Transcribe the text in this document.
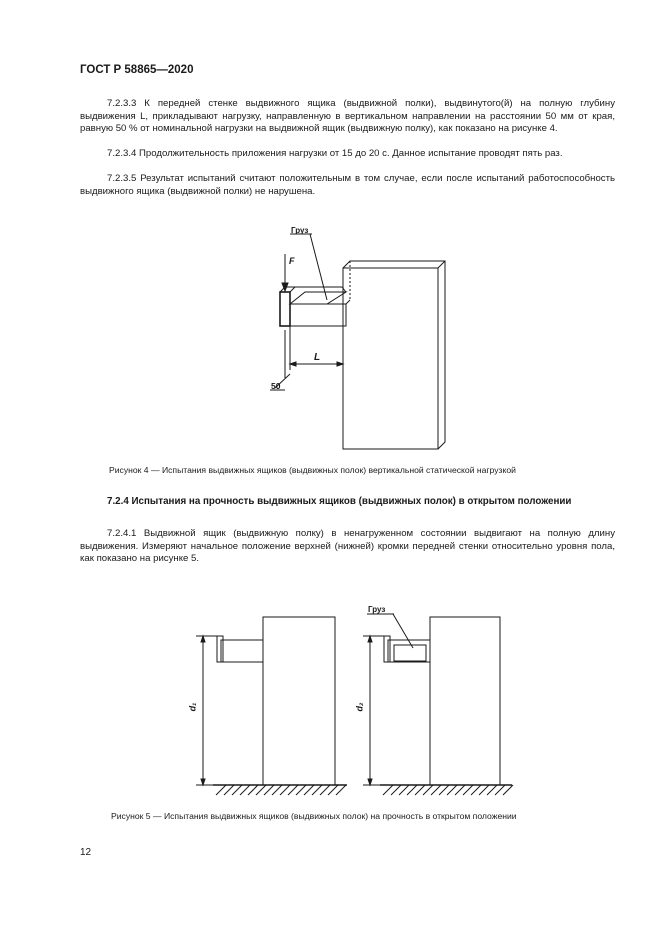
ГОСТ Р 58865—2020

7.2.3.3 К передней стенке выдвижного ящика (выдвижной полки), выдвинутого(й) на полную глубину выдвижения L, прикладывают нагрузку, направленную в вертикальном направлении на расстоянии 50 мм от края, равную 50 % от номинальной нагрузки на выдвижной ящик (выдвижную полку), как показано на рисунке 4.

7.2.3.4 Продолжительность приложения нагрузки от 15 до 20 с. Данное испытание проводят пять раз.

7.2.3.5 Результат испытаний считают положительным в том случае, если после испытаний работоспособность выдвижного ящика (выдвижной полки) не нарушена.

Груз
F
L
50
Рисунок 4 — Испытания выдвижных ящиков (выдвижных полок) вертикальной статической нагрузкой

7.2.4 Испытания на прочность выдвижных ящиков (выдвижных полок) в открытом положении

7.2.4.1 Выдвижной ящик (выдвижную полку) в ненагруженном состоянии выдвигают на полную длину выдвижения. Измеряют начальное положение верхней (нижней) кромки передней стенки относительно уровня пола, как показано на рисунке 5.

Груз
d₁	d₂
Рисунок 5 — Испытания выдвижных ящиков (выдвижных полок) на прочность в открытом положении
12
